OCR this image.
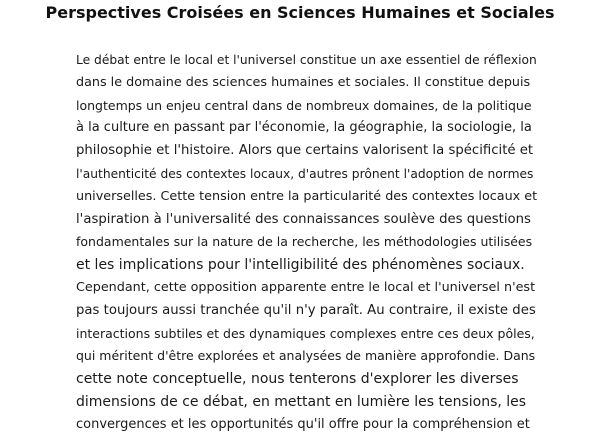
Perspectives Croisées en Sciences Humaines et Sociales
Le débat entre le local et l'universel constitue un axe essentiel de réflexion
dans le domaine des sciences humaines et sociales. Il constitue depuis
longtemps un enjeu central dans de nombreux domaines, de la politique
à la culture en passant par l'économie, la géographie, la sociologie, la
philosophie et l'histoire. Alors que certains valorisent la spécificité et
l'authenticité des contextes locaux, d'autres prônent l'adoption de normes
universelles. Cette tension entre la particularité des contextes locaux et
l'aspiration à l'universalité des connaissances soulève des questions
fondamentales sur la nature de la recherche, les méthodologies utilisées
et les implications pour l'intelligibilité des phénomènes sociaux.
Cependant, cette opposition apparente entre le local et l'universel n'est
pas toujours aussi tranchée qu'il n'y paraît. Au contraire, il existe des
interactions subtiles et des dynamiques complexes entre ces deux pôles,
qui méritent d'être explorées et analysées de manière approfondie. Dans
cette note conceptuelle, nous tenterons d'explorer les diverses
dimensions de ce débat, en mettant en lumière les tensions, les
convergences et les opportunités qu'il offre pour la compréhension et
